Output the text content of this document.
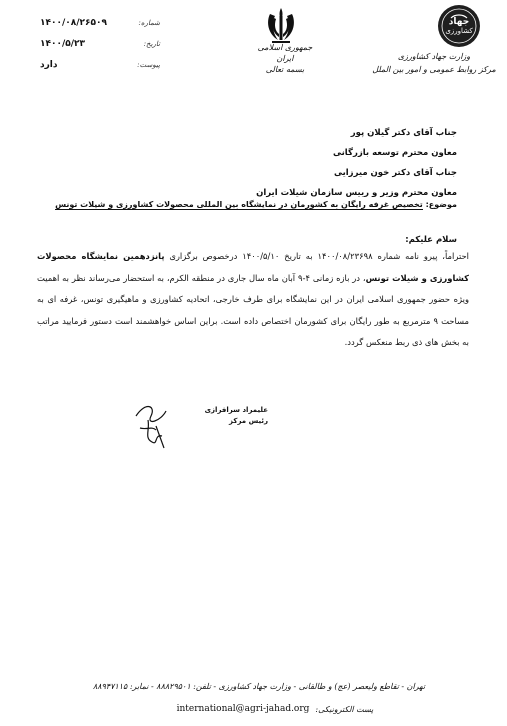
۱۴۰۰/۰۸/۲۶۵۰۹	شماره:
۱۴۰۰/۵/۲۳	تاریخ:
دارد	پیوست:
جمهوری اسلامی ایران
بسمه تعالی
جهاد
کشاورزی
وزارت جهاد کشاورزی
مرکز روابط عمومی و امور بین الملل
جناب آقای دکتر گیلان پور
معاون محترم توسعه بازرگانی
جناب آقای دکتر خون میرزایی
معاون محترم وزیر و رییس سازمان شیلات ایران
موضوع: تخصیص غرفه رایگان به کشورمان در نمایشگاه بین المللی محصولات کشاورزی و شیلات تونس
سلام علیکم:
احتراماً، پیرو نامه شماره ۱۴۰۰/۰۸/۲۳۶۹۸ به تاریخ ۱۴۰۰/۵/۱۰ درخصوص برگزاری پانزدهمین نمایشگاه محصولات کشاورزی و شیلات تونس، در بازه زمانی ۴-۹ آبان ماه سال جاری در منطقه الکرم، به استحضار می‌رساند نظر به اهمیت ویژه حضور جمهوری اسلامی ایران در این نمایشگاه برای طرف خارجی، اتحادیه کشاورزی و ماهیگیری تونس، غرفه ای به مساحت ۹ مترمربع به طور رایگان برای کشورمان اختصاص داده است. براین اساس خواهشمند است دستور فرمایید مراتب به بخش های ذی ربط منعکس گردد.
علیمراد سرافرازی
رئیس مرکز
تهران - تقاطع ولیعصر (عج) و طالقانی - وزارت جهاد کشاورزی - تلفن: ۸۸۸۲۹۵۰۱ - نمابر: ۸۸۹۴۷۱۱۵
international@agri-jahad.org پست الکترونیکی:
